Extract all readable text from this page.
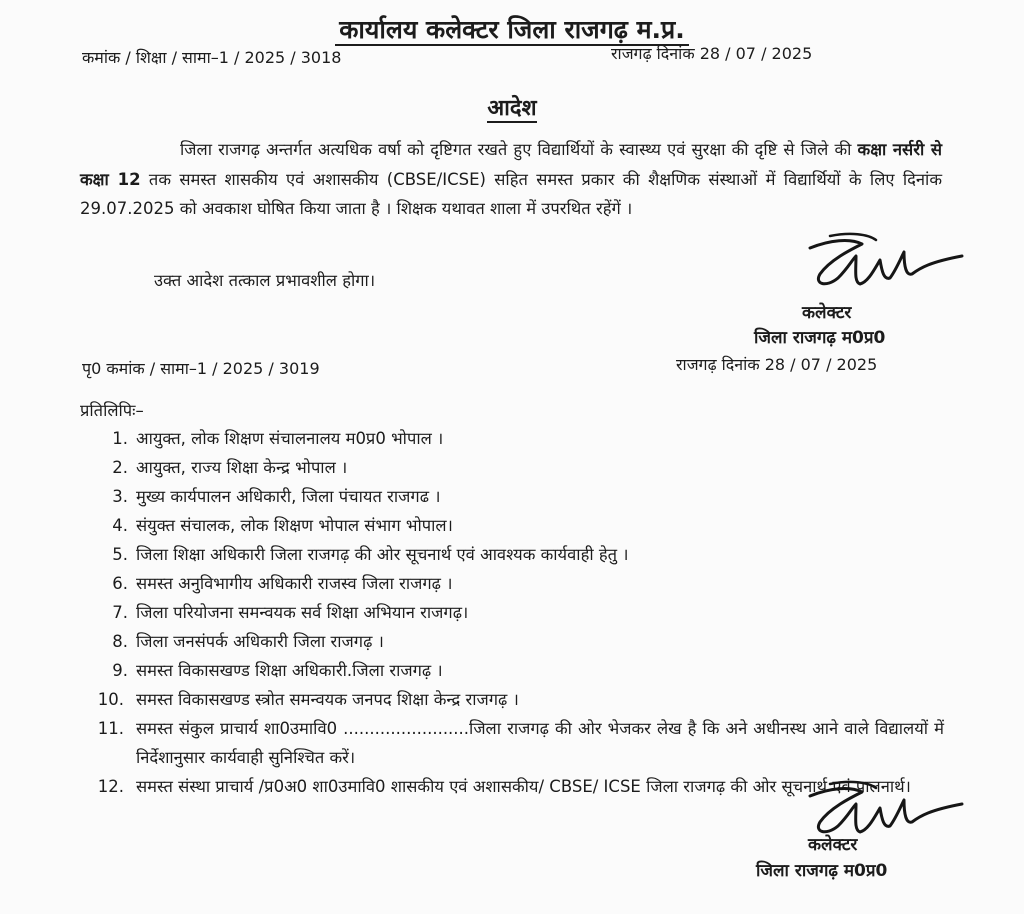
कार्यालय कलेक्टर जिला राजगढ़ म.प्र.
कमांक / शिक्षा / सामा–1 / 2025 / 3018	राजगढ़ दिनांक 28 / 07 / 2025
आदेश
जिला राजगढ़ अन्तर्गत अत्यधिक वर्षा को दृष्टिगत रखते हुए विद्यार्थियों के स्वास्थ्य एवं सुरक्षा की दृष्टि से जिले की कक्षा नर्सरी से कक्षा 12 तक समस्त शासकीय एवं अशासकीय (CBSE/ICSE) सहित समस्त प्रकार की शैक्षणिक संस्थाओं में विद्यार्थियों के लिए दिनांक 29.07.2025 को अवकाश घोषित किया जाता है । शिक्षक यथावत शाला में उपरथित रहेंगें ।
उक्त आदेश तत्काल प्रभावशील होगा।
कलेक्टर
जिला राजगढ़ म0प्र0
पृ0 कमांक / सामा–1 / 2025 / 3019	राजगढ़ दिनांक 28 / 07 / 2025
प्रतिलिपिः–
1. आयुक्त, लोक शिक्षण संचालनालय म0प्र0 भोपाल ।
2. आयुक्त, राज्य शिक्षा केन्द्र भोपाल ।
3. मुख्य कार्यपालन अधिकारी, जिला पंचायत राजगढ ।
4. संयुक्त संचालक, लोक शिक्षण भोपाल संभाग भोपाल।
5. जिला शिक्षा अधिकारी जिला राजगढ़ की ओर सूचनार्थ एवं आवश्यक कार्यवाही हेतु ।
6. समस्त अनुविभागीय अधिकारी राजस्व जिला राजगढ़ ।
7. जिला परियोजना समन्वयक सर्व शिक्षा अभियान राजगढ़।
8. जिला जनसंपर्क अधिकारी जिला राजगढ़ ।
9. समस्त विकासखण्ड शिक्षा अधिकारी.जिला राजगढ़ ।
10. समस्त विकासखण्ड स्त्रोत समन्वयक जनपद शिक्षा केन्द्र राजगढ़ ।
11. समस्त संकुल प्राचार्य शा0उमावि0 ........................जिला राजगढ़ की ओर भेजकर लेख है कि अने अधीनस्थ आने वाले विद्यालयों में निर्देशानुसार कार्यवाही सुनिश्चित करें।
12. समस्त संस्था प्राचार्य /प्र0अ0 शा0उमावि0 शासकीय एवं अशासकीय/ CBSE/ ICSE जिला राजगढ़ की ओर सूचनार्थ एवं पालनार्थ।
कलेक्टर
जिला राजगढ़ म0प्र0
